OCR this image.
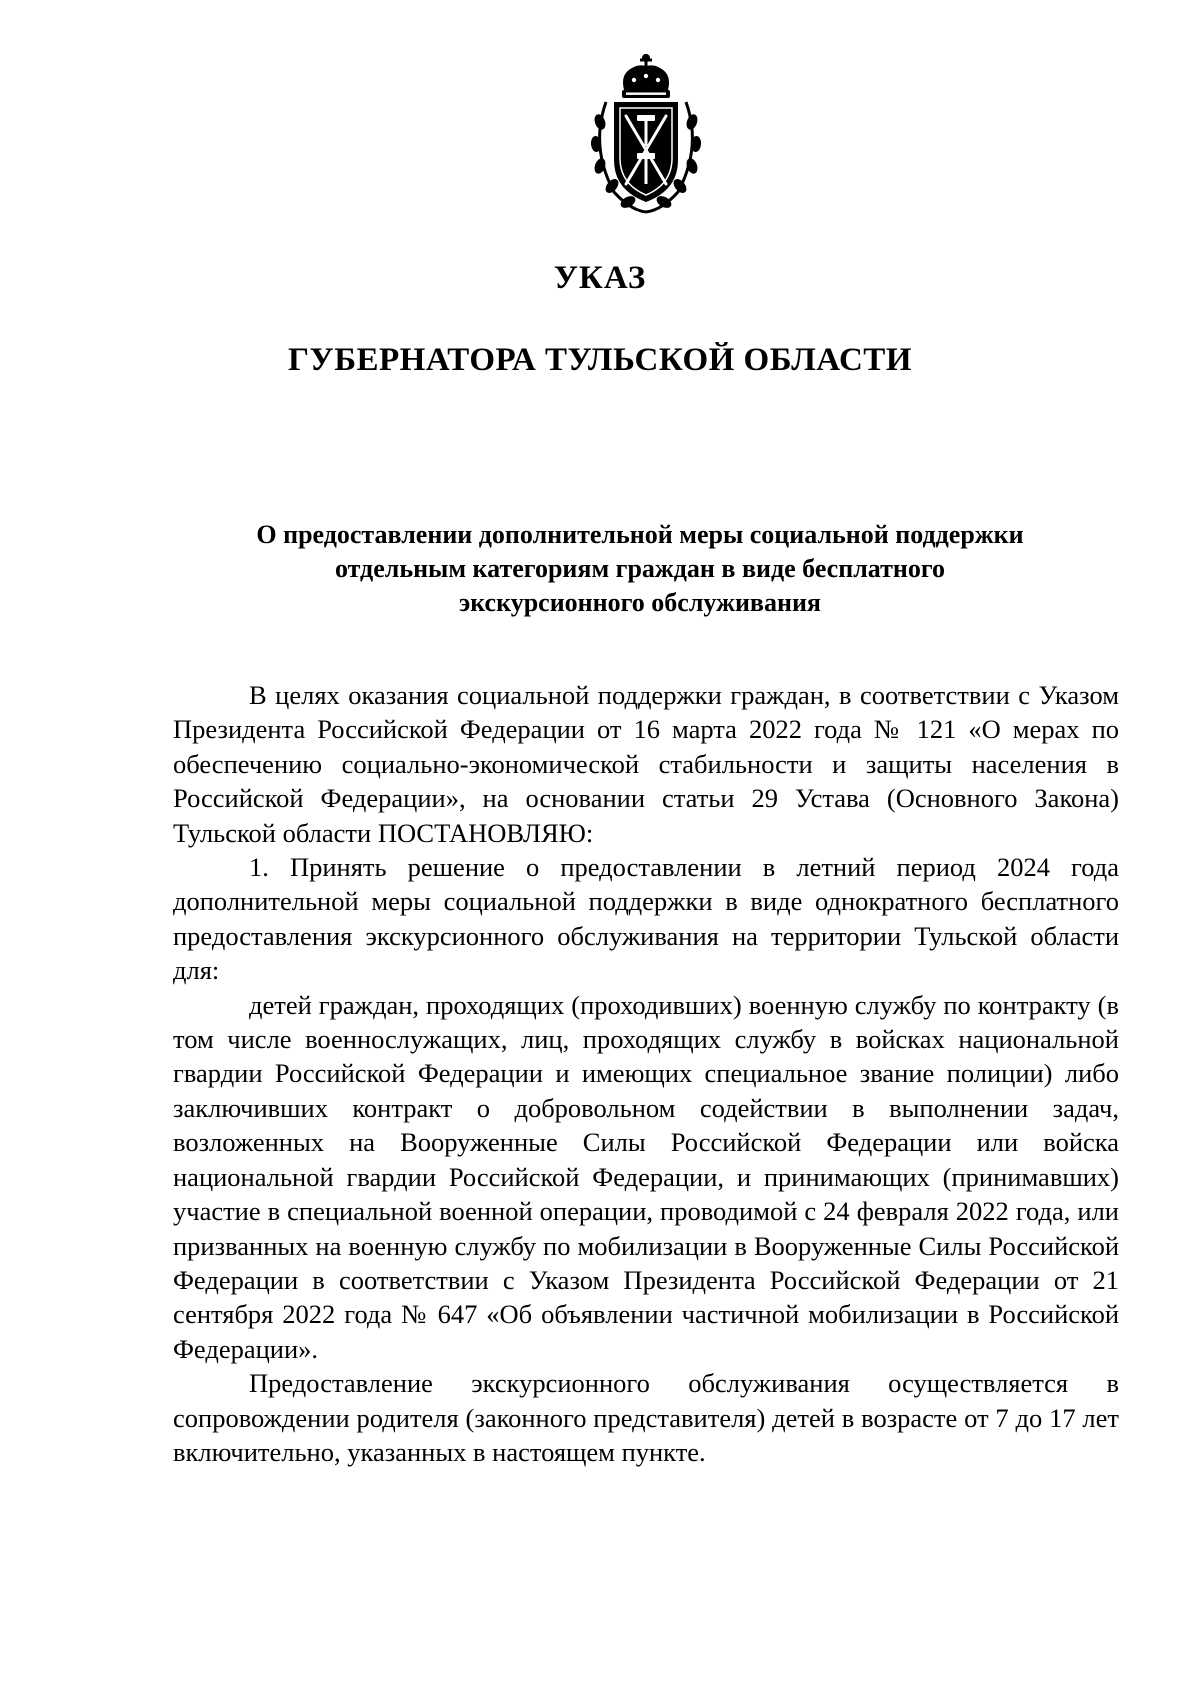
УКАЗ
ГУБЕРНАТОРА ТУЛЬСКОЙ ОБЛАСТИ
О предоставлении дополнительной меры социальной поддержки
отдельным категориям граждан в виде бесплатного
экскурсионного обслуживания

В целях оказания социальной поддержки граждан, в соответствии с Указом Президента Российской Федерации от 16 марта 2022 года № 121 «О мерах по обеспечению социально-экономической стабильности и защиты населения в Российской Федерации», на основании статьи 29 Устава (Основного Закона) Тульской области ПОСТАНОВЛЯЮ:

1. Принять решение о предоставлении в летний период 2024 года дополнительной меры социальной поддержки в виде однократного бесплатного предоставления экскурсионного обслуживания на территории Тульской области для:

детей граждан, проходящих (проходивших) военную службу по контракту (в том числе военнослужащих, лиц, проходящих службу в войсках национальной гвардии Российской Федерации и имеющих специальное звание полиции) либо заключивших контракт о добровольном содействии в выполнении задач, возложенных на Вооруженные Силы Российской Федерации или войска национальной гвардии Российской Федерации, и принимающих (принимавших) участие в специальной военной операции, проводимой с 24 февраля 2022 года, или призванных на военную службу по мобилизации в Вооруженные Силы Российской Федерации в соответствии с Указом Президента Российской Федерации от 21 сентября 2022 года № 647 «Об объявлении частичной мобилизации в Российской Федерации».

Предоставление экскурсионного обслуживания осуществляется в сопровождении родителя (законного представителя) детей в возрасте от 7 до 17 лет включительно, указанных в настоящем пункте.
